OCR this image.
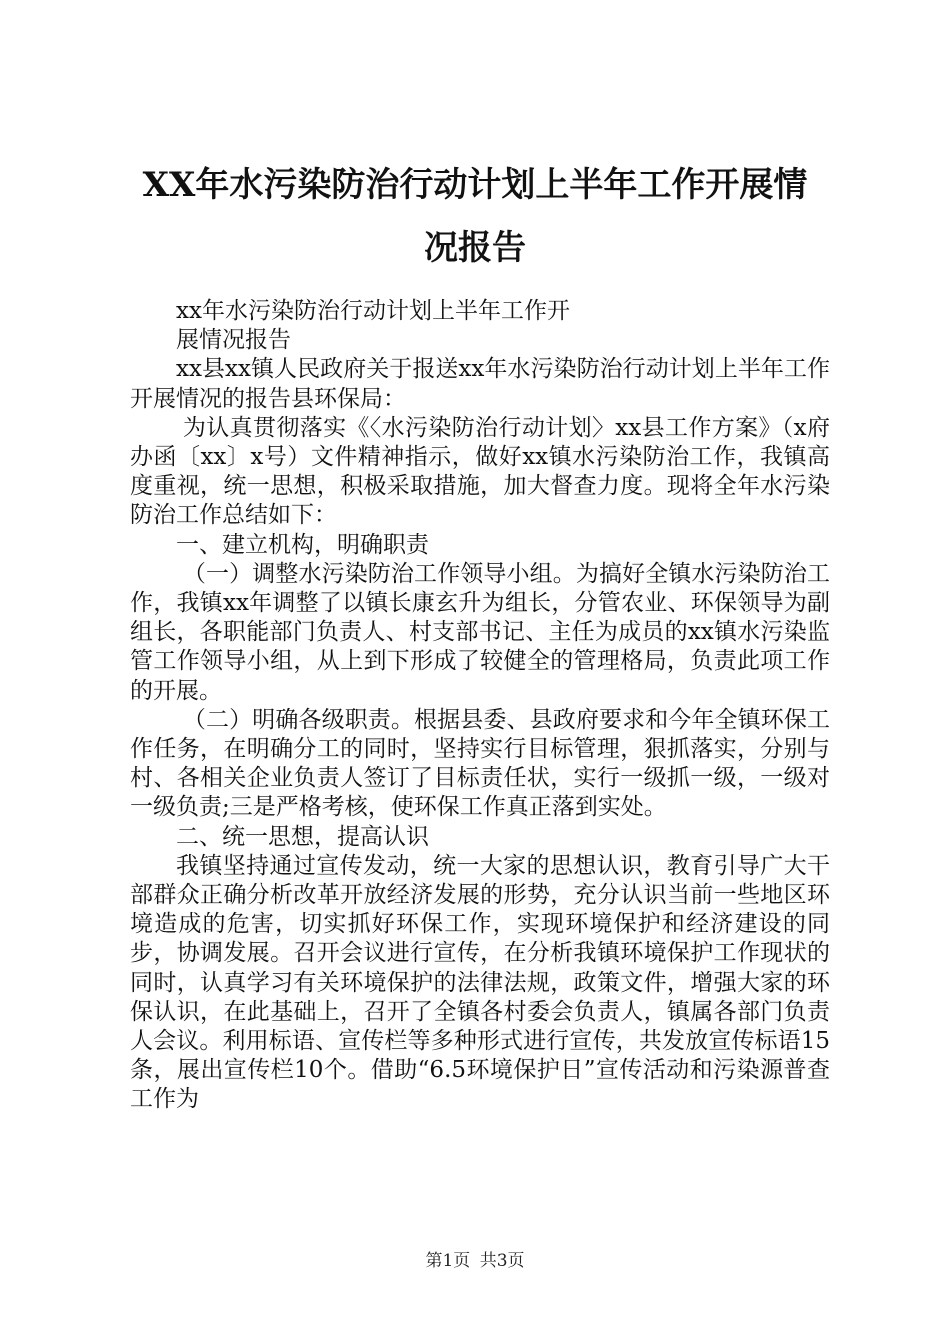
XX年水污染防治行动计划上半年工作开展情
况报告

xx年水污染防治行动计划上半年工作开

展情况报告

xx县xx镇人民政府关于报送xx年水污染防治行动计划上半年工作开展情况的报告县环保局：

为认真贯彻落实《〈水污染防治行动计划〉xx县工作方案》（x府办函〔xx〕x号）文件精神指示，做好xx镇水污染防治工作，我镇高度重视，统一思想，积极采取措施，加大督查力度。现将全年水污染防治工作总结如下：

一、建立机构，明确职责

（一）调整水污染防治工作领导小组。为搞好全镇水污染防治工作，我镇xx年调整了以镇长康玄升为组长，分管农业、环保领导为副组长，各职能部门负责人、村支部书记、主任为成员的xx镇水污染监管工作领导小组，从上到下形成了较健全的管理格局，负责此项工作的开展。

（二）明确各级职责。根据县委、县政府要求和今年全镇环保工作任务，在明确分工的同时，坚持实行目标管理，狠抓落实，分别与村、各相关企业负责人签订了目标责任状，实行一级抓一级，一级对一级负责;三是严格考核，使环保工作真正落到实处。

二、统一思想，提高认识

我镇坚持通过宣传发动，统一大家的思想认识，教育引导广大干部群众正确分析改革开放经济发展的形势，充分认识当前一些地区环境造成的危害，切实抓好环保工作，实现环境保护和经济建设的同步，协调发展。召开会议进行宣传，在分析我镇环境保护工作现状的同时，认真学习有关环境保护的法律法规，政策文件，增强大家的环保认识，在此基础上，召开了全镇各村委会负责人，镇属各部门负责人会议。利用标语、宣传栏等多种形式进行宣传，共发放宣传标语15条，展出宣传栏10个。借助“6.5环境保护日”宣传活动和污染源普查工作为

第1页 共3页
